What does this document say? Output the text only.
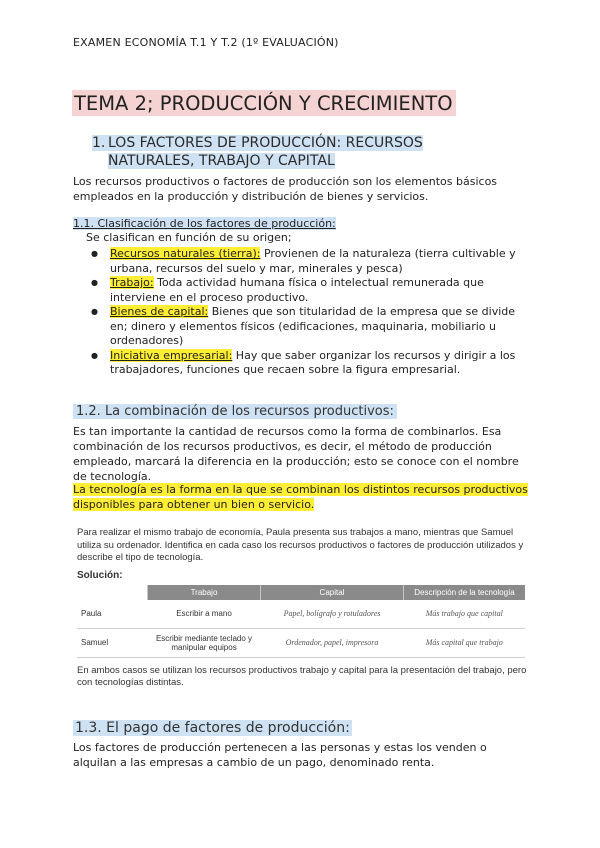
EXAMEN ECONOMÍA T.1 Y T.2 (1º EVALUACIÓN)
TEMA 2; PRODUCCIÓN Y CRECIMIENTO
1. LOS FACTORES DE PRODUCCIÓN: RECURSOS
NATURALES, TRABAJO Y CAPITAL
Los recursos productivos o factores de producción son los elementos básicos empleados en la producción y distribución de bienes y servicios.
1.1. Clasificación de los factores de producción:
Se clasifican en función de su origen;
● Recursos naturales (tierra): Provienen de la naturaleza (tierra cultivable y urbana, recursos del suelo y mar, minerales y pesca)
● Trabajo: Toda actividad humana física o intelectual remunerada que interviene en el proceso productivo.
● Bienes de capital: Bienes que son titularidad de la empresa que se divide en; dinero y elementos físicos (edificaciones, maquinaria, mobiliario u ordenadores)
● Iniciativa empresarial: Hay que saber organizar los recursos y dirigir a los trabajadores, funciones que recaen sobre la figura empresarial.
1.2. La combinación de los recursos productivos:
Es tan importante la cantidad de recursos como la forma de combinarlos. Esa combinación de los recursos productivos, es decir, el método de producción empleado, marcará la diferencia en la producción; esto se conoce con el nombre de tecnología.
La tecnología es la forma en la que se combinan los distintos recursos productivos disponibles para obtener un bien o servicio.
Para realizar el mismo trabajo de economía, Paula presenta sus trabajos a mano, mientras que Samuel utiliza su ordenador. Identifica en cada caso los recursos productivos o factores de producción utilizados y describe el tipo de tecnología.
Solución:
	Trabajo	Capital	Descripción de la tecnología
Paula	Escribir a mano	Papel, bolígrafo y rotuladores	Más trabajo que capital
Samuel	Escribir mediante teclado y manipular equipos	Ordenador, papel, impresora	Más capital que trabajo
En ambos casos se utilizan los recursos productivos trabajo y capital para la presentación del trabajo, pero con tecnologías distintas.
1.3. El pago de factores de producción:
Los factores de producción pertenecen a las personas y estas los venden o alquilan a las empresas a cambio de un pago, denominado renta.
